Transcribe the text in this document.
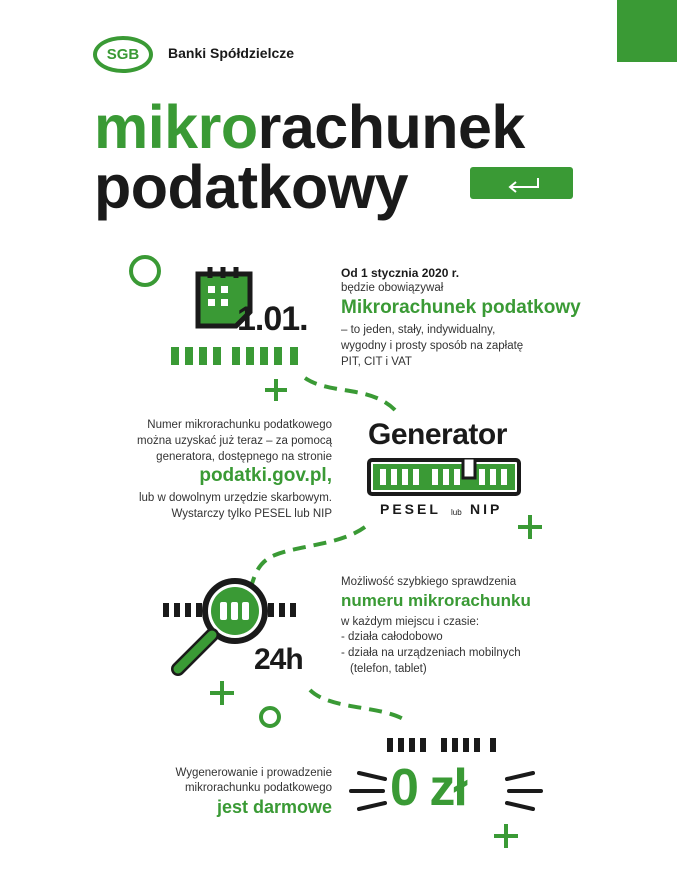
SGB Banki Spółdzielcze
mikrorachunek
podatkowy
1.01.
Od 1 stycznia 2020 r.
będzie obowiązywał
Mikrorachunek podatkowy
– to jeden, stały, indywidualny,
wygodny i prosty sposób na zapłatę
PIT, CIT i VAT
Numer mikrorachunku podatkowego
można uzyskać już teraz – za pomocą
generatora, dostępnego na stronie
podatki.gov.pl,
lub w dowolnym urzędzie skarbowym.
Wystarczy tylko PESEL lub NIP
Generator
PESEL lub NIP
24h
Możliwość szybkiego sprawdzenia
numeru mikrorachunku
w każdym miejscu i czasie:
- działa całodobowo
- działa na urządzeniach mobilnych
(telefon, tablet)
Wygenerowanie i prowadzenie
mikrorachunku podatkowego
jest darmowe 0 zł
